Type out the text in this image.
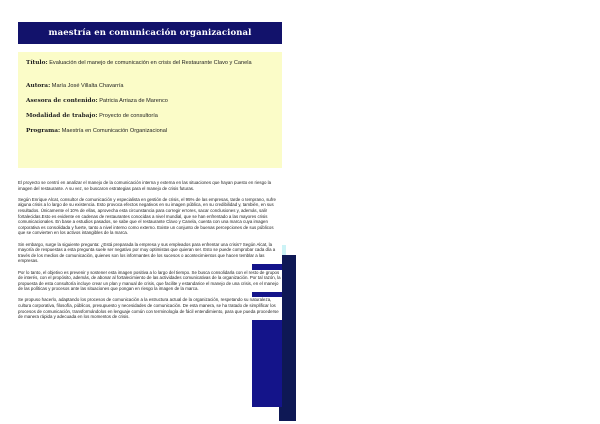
maestría en comunicación organizacional
Título: Evaluación del manejo de comunicación en crisis del Restaurante Clavo y Canela
Autora: María José Villalta Chavarría
Asesora de contenido: Patricia Arriaza de Marenco
Modalidad de trabajo: Proyecto de consultoría
Programa: Maestría en Comunicación Organizacional

El proyecto se centró en analizar el manejo de la comunicación interna y externa en las situaciones que hayan puesto en riesgo la imagen del restaurante. A su vez, se buscaron estrategias para el manejo de crisis futuras.

Según Enrique Alcat, consultor de comunicación y especialista en gestión de crisis, el 95% de las empresas, tarde o temprano, sufre alguna crisis a lo largo de su existencia. Esto provoca efectos negativos en su imagen pública, en su credibilidad y, también, en sus resultados. Únicamente el 10% de ellas, aprovecha esta circunstancia para corregir errores, sacar conclusiones y, además, salir fortalecidas.Esto es evidente en cadenas de restaurantes conocidas a nivel mundial, que se han enfrentado a las mayores crisis comunicacionales. En base a estudios pasados, se sabe que el restaurante Clavo y Canela, cuenta con una marca cuya imagen corporativa es consolidada y fuerte, tanto a nivel interno como externo. Existe un conjunto de buenas percepciones de sus públicos que se convierten en los activos intangibles de la marca.

Sin embargo, surge la siguiente pregunta: ¿Está preparada la empresa y sus empleados para enfrentar una crisis? Según Alcat, la mayoría de respuestas a esta pregunta suele ser negativo por muy optimistas que quieran ser. Esto se puede comprobar cada día a través de los medios de comunicación, quienes son los informantes de los sucesos o acontecimientos que hacen temblar a las empresas.

Por lo tanto, el objetivo es prevenir y sostener esta imagen positiva a lo largo del tiempo. Se busca consolidarla con el resto de grupos de interés, con el propósito, además, de abonar al fortalecimiento de las actividades comunicativas de la organización. Por tal razón, la propuesta de esta consultoría incluye crear un plan y manual de crisis, que facilite y estandarice el manejo de una crisis, en el manejo de las políticas y procesos ante las situaciones que pongan en riesgo la imagen de la marca.

Se propuso hacerlo, adaptando los procesos de comunicación a la estructura actual de la organización, respetando su naturaleza, cultura corporativa, filosofía, públicos, presupuesto y necesidades de comunicación. De esta manera, se ha tratado de simplificar los procesos de comunicación, transformándolos en lenguaje común con terminología de fácil entendimiento, para que pueda procederse de manera rápida y adecuada en los momentos de crisis.
